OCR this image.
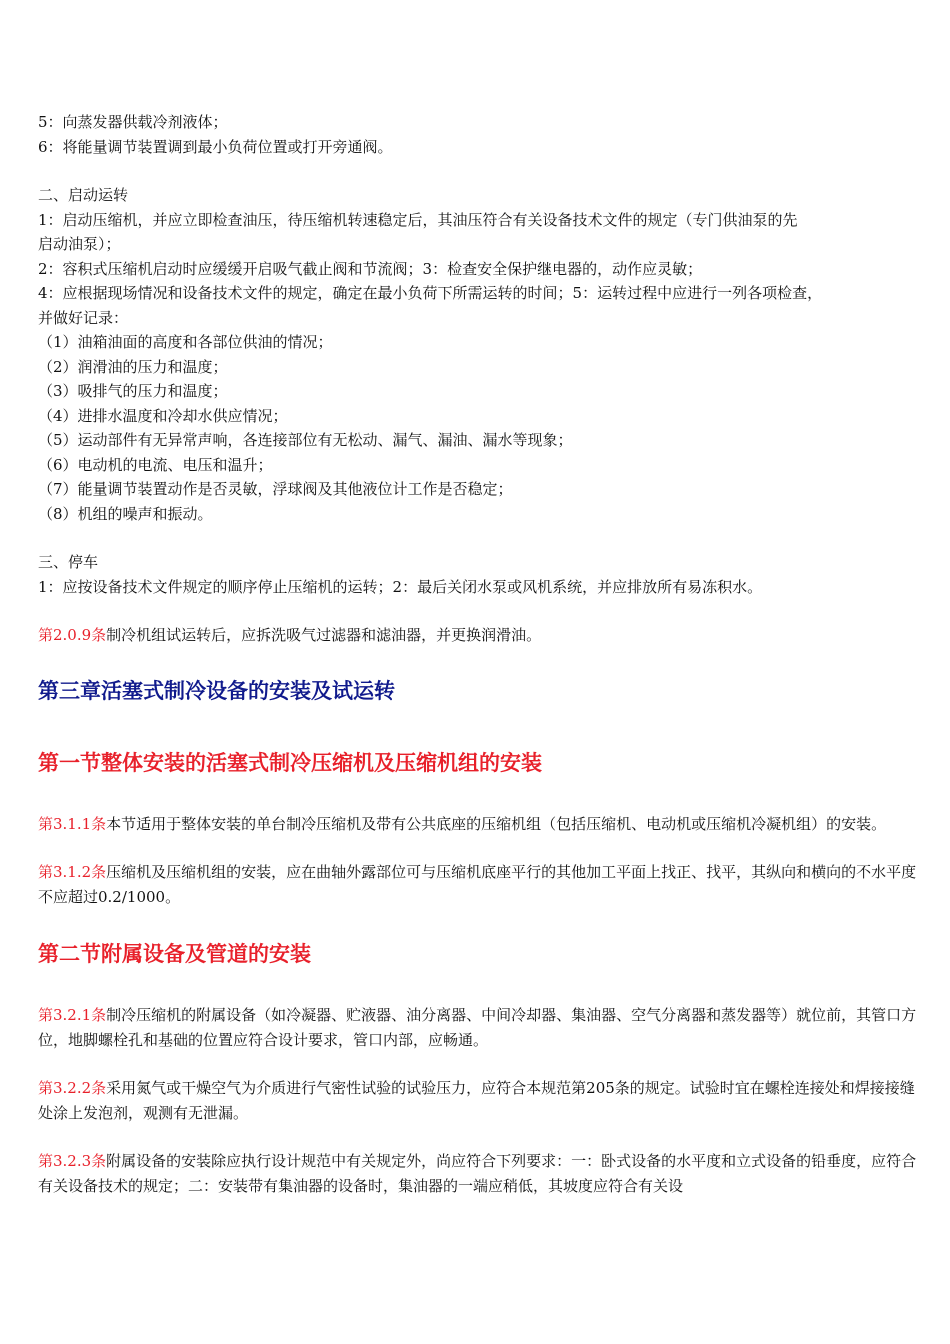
5：向蒸发器供载冷剂液体；

6：将能量调节装置调到最小负荷位置或打开旁通阀。

二、启动运转

1：启动压缩机，并应立即检查油压，待压缩机转速稳定后，其油压符合有关设备技术文件的规定（专门供油泵的先

启动油泵）；

2：容积式压缩机启动时应缓缓开启吸气截止阀和节流阀；3：检查安全保护继电器的，动作应灵敏；

4：应根据现场情况和设备技术文件的规定，确定在最小负荷下所需运转的时间；5：运转过程中应进行一列各项检查，

并做好记录：

（1）油箱油面的高度和各部位供油的情况；

（2）润滑油的压力和温度；

（3）吸排气的压力和温度；

（4）进排水温度和冷却水供应情况；

（5）运动部件有无异常声响，各连接部位有无松动、漏气、漏油、漏水等现象；

（6）电动机的电流、电压和温升；

（7）能量调节装置动作是否灵敏，浮球阀及其他液位计工作是否稳定；

（8）机组的噪声和振动。

三、停车

1：应按设备技术文件规定的顺序停止压缩机的运转；2：最后关闭水泵或风机系统，并应排放所有易冻积水。

第2.0.9条制冷机组试运转后，应拆洗吸气过滤器和滤油器，并更换润滑油。

第三章活塞式制冷设备的安装及试运转
第一节整体安装的活塞式制冷压缩机及压缩机组的安装

第3.1.1条本节适用于整体安装的单台制冷压缩机及带有公共底座的压缩机组（包括压缩机、电动机或压缩机冷凝机组）的安装。

第3.1.2条压缩机及压缩机组的安装，应在曲轴外露部位可与压缩机底座平行的其他加工平面上找正、找平，其纵向和横向的不水平度不应超过0.2/1000。

第二节附属设备及管道的安装

第3.2.1条制冷压缩机的附属设备（如冷凝器、贮液器、油分离器、中间冷却器、集油器、空气分离器和蒸发器等）就位前，其管口方位，地脚螺栓孔和基础的位置应符合设计要求，管口内部，应畅通。

第3.2.2条采用氮气或干燥空气为介质进行气密性试验的试验压力，应符合本规范第205条的规定。试验时宜在螺栓连接处和焊接接缝处涂上发泡剂，观测有无泄漏。

第3.2.3条附属设备的安装除应执行设计规范中有关规定外，尚应符合下列要求：一：卧式设备的水平度和立式设备的铅垂度，应符合有关设备技术的规定；二：安装带有集油器的设备时，集油器的一端应稍低，其坡度应符合有关设
